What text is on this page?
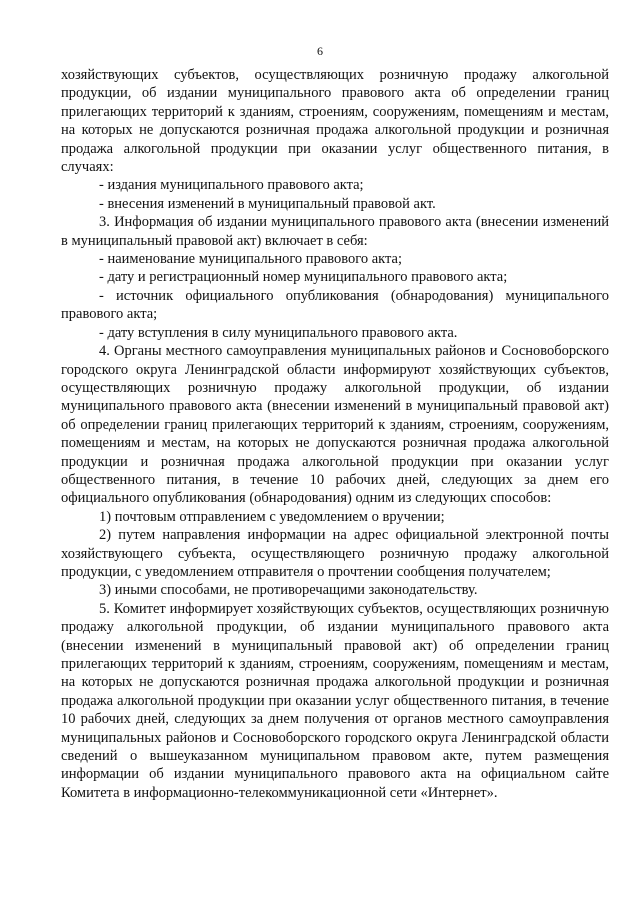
6

хозяйствующих субъектов, осуществляющих розничную продажу алкогольной продукции, об издании муниципального правового акта об определении границ прилегающих территорий к зданиям, строениям, сооружениям, помещениям и местам, на которых не допускаются розничная продажа алкогольной продукции и розничная продажа алкогольной продукции при оказании услуг общественного питания, в случаях:

- издания муниципального правового акта;

- внесения изменений в муниципальный правовой акт.

3. Информация об издании муниципального правового акта (внесении изменений в муниципальный правовой акт) включает в себя:

- наименование муниципального правового акта;

- дату и регистрационный номер муниципального правового акта;

- источник официального опубликования (обнародования) муниципального правового акта;

- дату вступления в силу муниципального правового акта.

4. Органы местного самоуправления муниципальных районов и Сосновоборского городского округа Ленинградской области информируют хозяйствующих субъектов, осуществляющих розничную продажу алкогольной продукции, об издании муниципального правового акта (внесении изменений в муниципальный правовой акт) об определении границ прилегающих территорий к зданиям, строениям, сооружениям, помещениям и местам, на которых не допускаются розничная продажа алкогольной продукции и розничная продажа алкогольной продукции при оказании услуг общественного питания, в течение 10 рабочих дней, следующих за днем его официального опубликования (обнародования) одним из следующих способов:

1) почтовым отправлением с уведомлением о вручении;

2) путем направления информации на адрес официальной электронной почты хозяйствующего субъекта, осуществляющего розничную продажу алкогольной продукции, с уведомлением отправителя о прочтении сообщения получателем;

3) иными способами, не противоречащими законодательству.

5. Комитет информирует хозяйствующих субъектов, осуществляющих розничную продажу алкогольной продукции, об издании муниципального правового акта (внесении изменений в муниципальный правовой акт) об определении границ прилегающих территорий к зданиям, строениям, сооружениям, помещениям и местам, на которых не допускаются розничная продажа алкогольной продукции и розничная продажа алкогольной продукции при оказании услуг общественного питания, в течение 10 рабочих дней, следующих за днем получения от органов местного самоуправления муниципальных районов и Сосновоборского городского округа Ленинградской области сведений о вышеуказанном муниципальном правовом акте, путем размещения информации об издании муниципального правового акта на официальном сайте Комитета в информационно-телекоммуникационной сети «Интернет».
